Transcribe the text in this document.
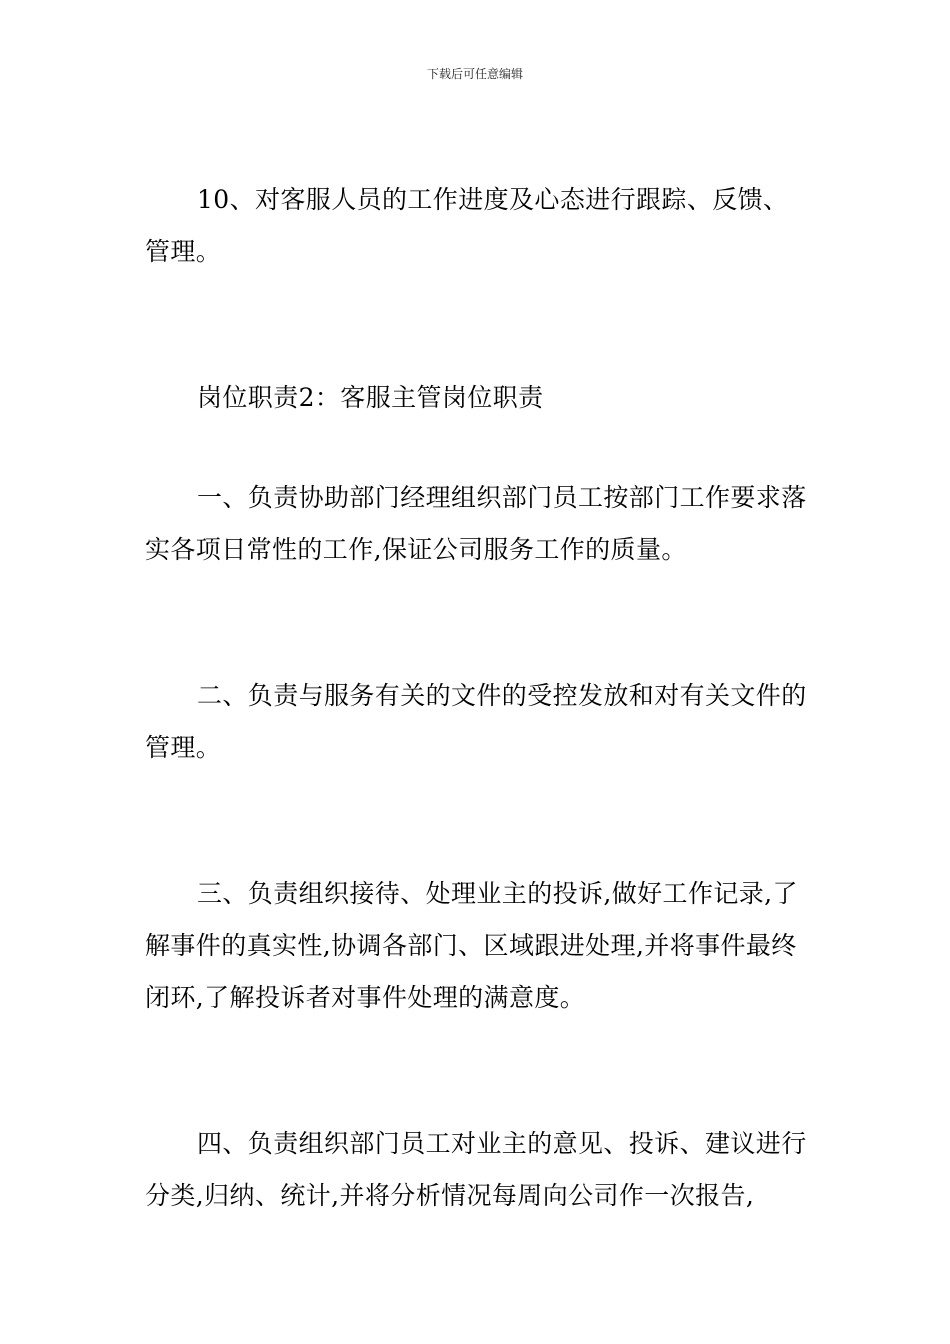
下载后可任意编辑

10、对客服人员的工作进度及心态进行跟踪、反馈、管理。

岗位职责2：客服主管岗位职责

一、负责协助部门经理组织部门员工按部门工作要求落实各项日常性的工作,保证公司服务工作的质量。

二、负责与服务有关的文件的受控发放和对有关文件的管理。

三、负责组织接待、处理业主的投诉,做好工作记录,了解事件的真实性,协调各部门、区域跟进处理,并将事件最终闭环,了解投诉者对事件处理的满意度。

四、负责组织部门员工对业主的意见、投诉、建议进行分类,归纳、统计,并将分析情况每周向公司作一次报告,
